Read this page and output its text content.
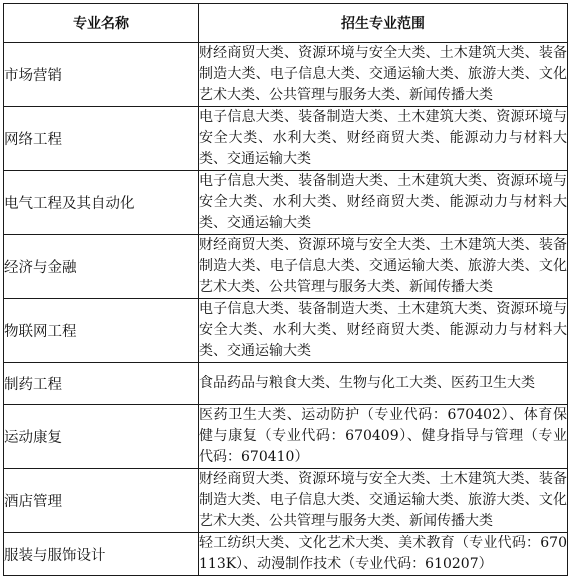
专业名称	招生专业范围
市场营销	财经商贸大类、资源环境与安全大类、土木建筑大类、装备制造大类、电子信息大类、交通运输大类、旅游大类、文化艺术大类、公共管理与服务大类、新闻传播大类
网络工程	电子信息大类、装备制造大类、土木建筑大类、资源环境与安全大类、水利大类、财经商贸大类、能源动力与材料大类、交通运输大类
电气工程及其自动化	电子信息大类、装备制造大类、土木建筑大类、资源环境与安全大类、水利大类、财经商贸大类、能源动力与材料大类、交通运输大类
经济与金融	财经商贸大类、资源环境与安全大类、土木建筑大类、装备制造大类、电子信息大类、交通运输大类、旅游大类、文化艺术大类、公共管理与服务大类、新闻传播大类
物联网工程	电子信息大类、装备制造大类、土木建筑大类、资源环境与安全大类、水利大类、财经商贸大类、能源动力与材料大类、交通运输大类
制药工程	食品药品与粮食大类、生物与化工大类、医药卫生大类
运动康复	医药卫生大类、运动防护（专业代码：670402）、体育保健与康复（专业代码：670409）、健身指导与管理（专业代码：670410）
酒店管理	财经商贸大类、资源环境与安全大类、土木建筑大类、装备制造大类、电子信息大类、交通运输大类、旅游大类、文化艺术大类、公共管理与服务大类、新闻传播大类
服装与服饰设计	轻工纺织大类、文化艺术大类、美术教育（专业代码：670113K）、动漫制作技术（专业代码：610207）
